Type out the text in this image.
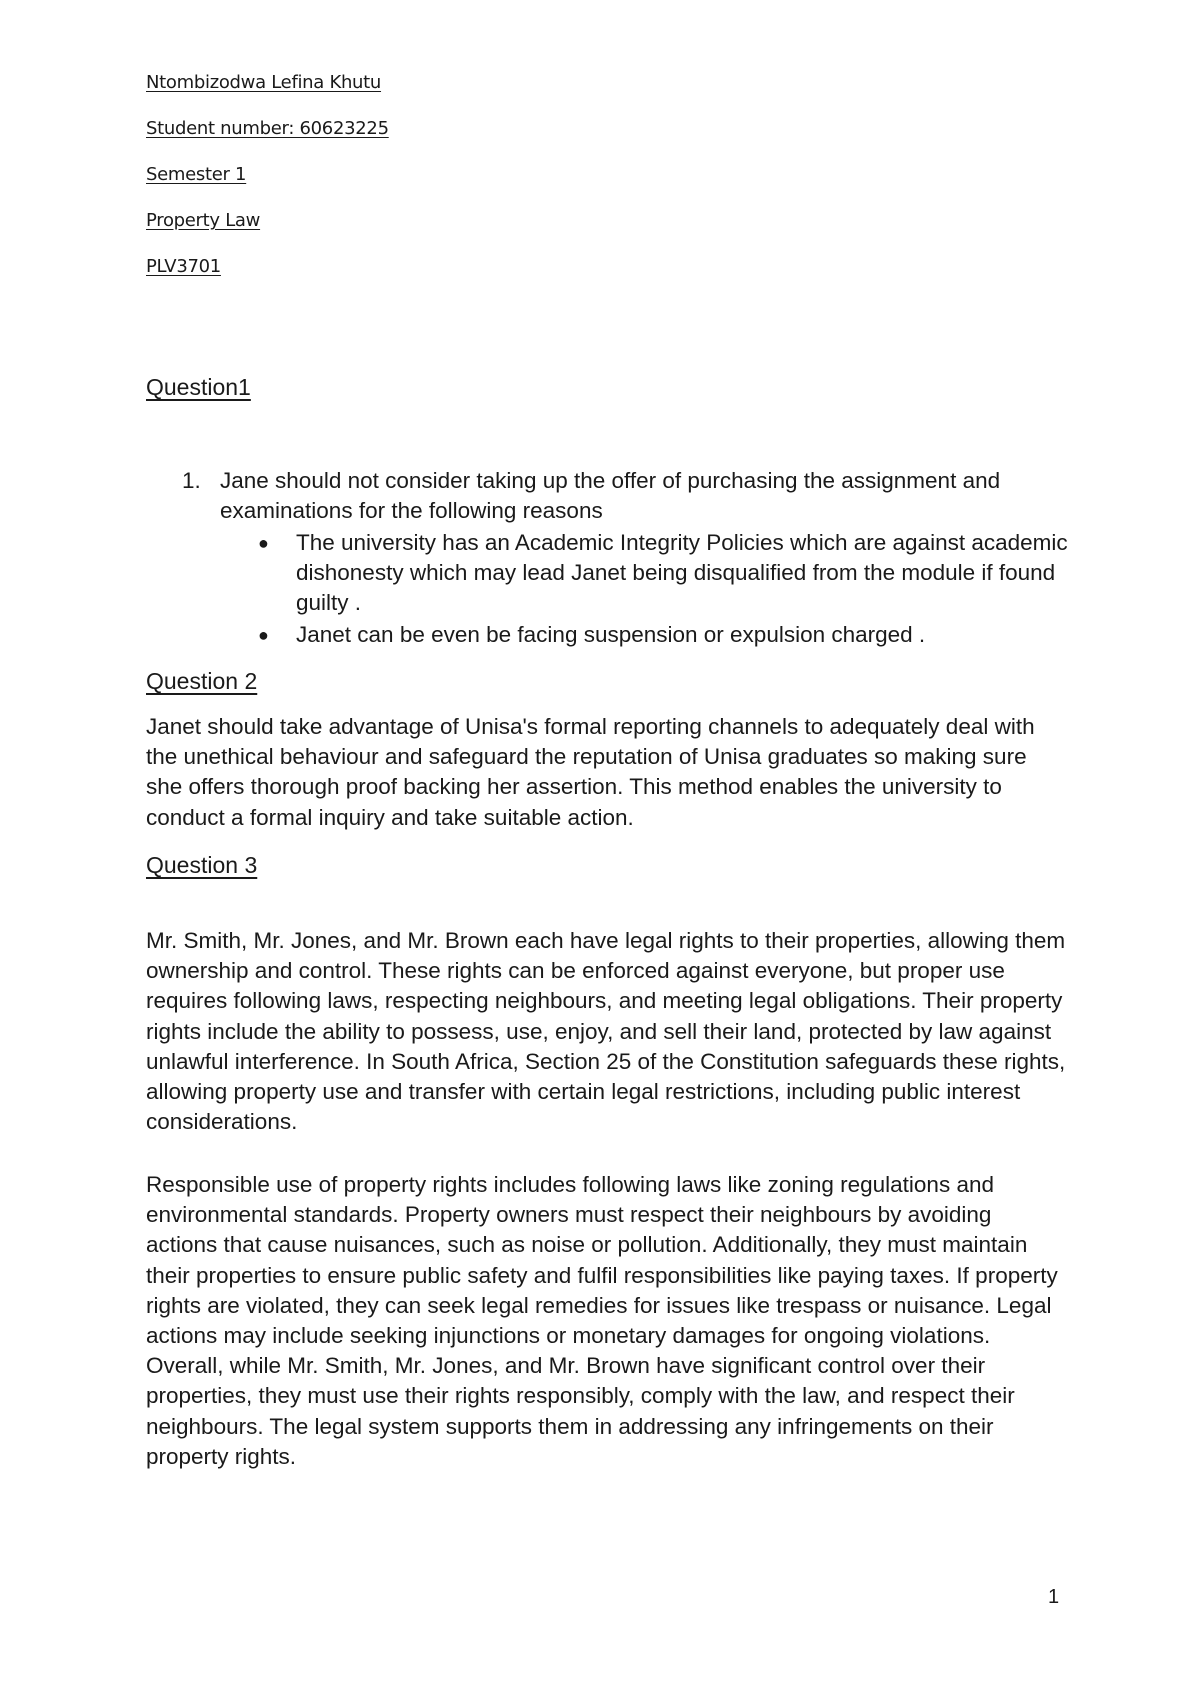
Ntombizodwa Lefina Khutu
Student number: 60623225
Semester 1
Property Law
PLV3701
Question1
1. Jane should not consider taking up the offer of purchasing the assignment and examinations for the following reasons
● The university has an Academic Integrity Policies which are against academic dishonesty which may lead Janet being disqualified from the module if found guilty .
● Janet can be even be facing suspension or expulsion charged .
Question 2

Janet should take advantage of Unisa's formal reporting channels to adequately deal with the unethical behaviour and safeguard the reputation of Unisa graduates so making sure she offers thorough proof backing her assertion. This method enables the university to conduct a formal inquiry and take suitable action.

Question 3

Mr. Smith, Mr. Jones, and Mr. Brown each have legal rights to their properties, allowing them ownership and control. These rights can be enforced against everyone, but proper use requires following laws, respecting neighbours, and meeting legal obligations. Their property rights include the ability to possess, use, enjoy, and sell their land, protected by law against unlawful interference. In South Africa, Section 25 of the Constitution safeguards these rights, allowing property use and transfer with certain legal restrictions, including public interest considerations.

Responsible use of property rights includes following laws like zoning regulations and environmental standards. Property owners must respect their neighbours by avoiding actions that cause nuisances, such as noise or pollution. Additionally, they must maintain their properties to ensure public safety and fulfil responsibilities like paying taxes. If property rights are violated, they can seek legal remedies for issues like trespass or nuisance. Legal actions may include seeking injunctions or monetary damages for ongoing violations. Overall, while Mr. Smith, Mr. Jones, and Mr. Brown have significant control over their properties, they must use their rights responsibly, comply with the law, and respect their neighbours. The legal system supports them in addressing any infringements on their property rights.

1
